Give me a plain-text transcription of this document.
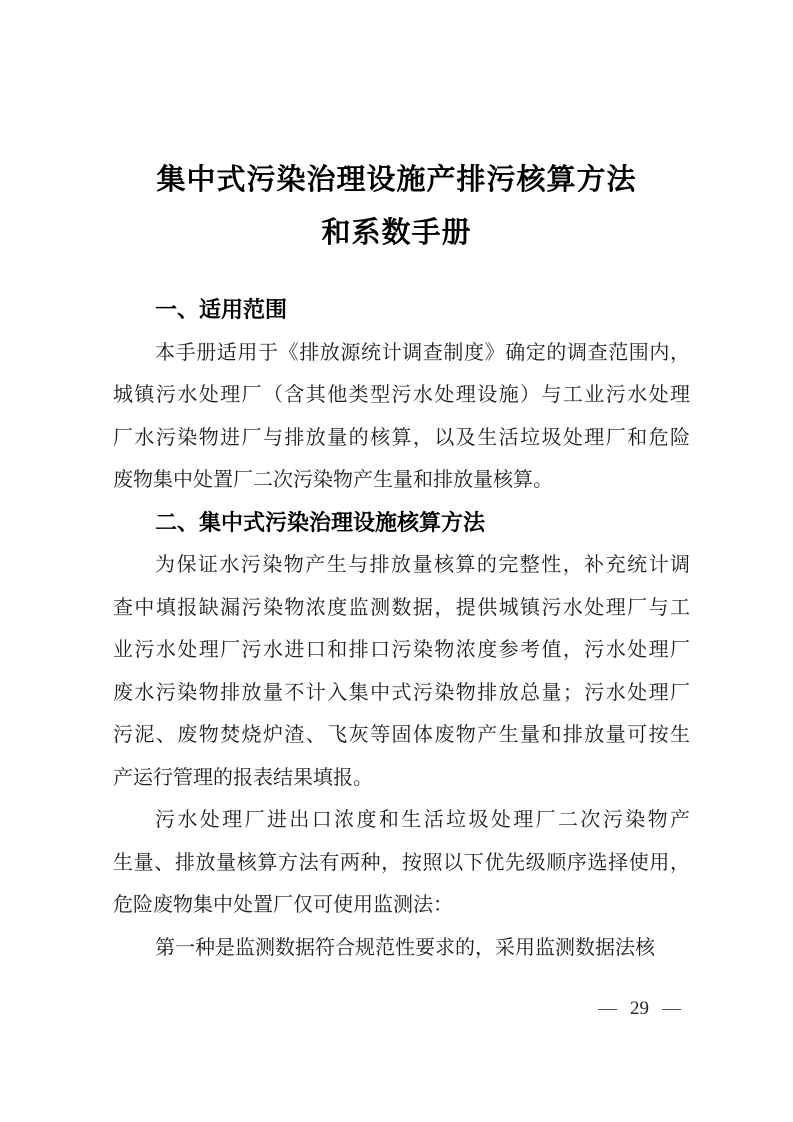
集中式污染治理设施产排污核算方法
和系数手册
一、适用范围
本手册适用于《排放源统计调查制度》确定的调查范围内，
城镇污水处理厂（含其他类型污水处理设施）与工业污水处理
厂水污染物进厂与排放量的核算，以及生活垃圾处理厂和危险
废物集中处置厂二次污染物产生量和排放量核算。
二、集中式污染治理设施核算方法
为保证水污染物产生与排放量核算的完整性，补充统计调
查中填报缺漏污染物浓度监测数据，提供城镇污水处理厂与工
业污水处理厂污水进口和排口污染物浓度参考值，污水处理厂
废水污染物排放量不计入集中式污染物排放总量；污水处理厂
污泥、废物焚烧炉渣、飞灰等固体废物产生量和排放量可按生
产运行管理的报表结果填报。
污水处理厂进出口浓度和生活垃圾处理厂二次污染物产
生量、排放量核算方法有两种，按照以下优先级顺序选择使用，
危险废物集中处置厂仅可使用监测法：
第一种是监测数据符合规范性要求的，采用监测数据法核
— 29 —
